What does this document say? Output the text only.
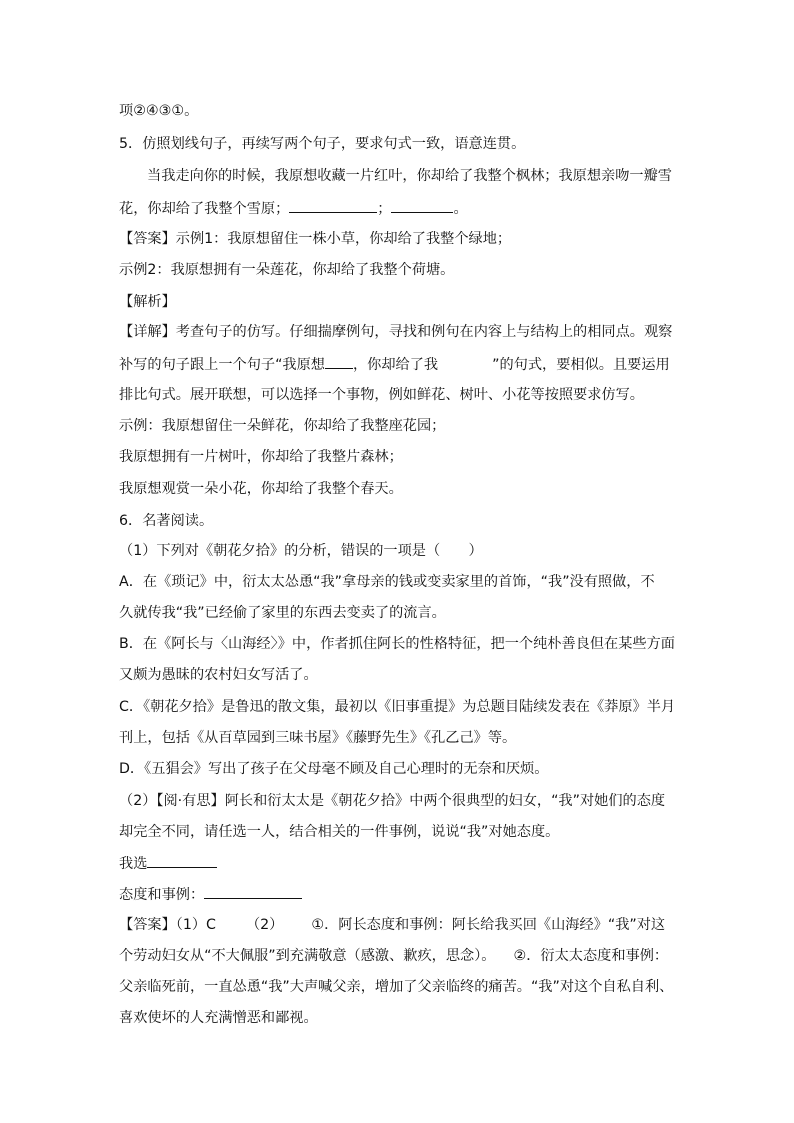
项②④③①。
5．仿照划线句子，再续写两个句子，要求句式一致，语意连贯。
当我走向你的时候，我原想收藏一片红叶，你却给了我整个枫林；我原想亲吻一瓣雪
花，你却给了我整个雪原；	；	。
【答案】示例1：我原想留住一株小草，你却给了我整个绿地；
示例2：我原想拥有一朵莲花，你却给了我整个荷塘。
【解析】
【详解】考查句子的仿写。仔细揣摩例句，寻找和例句在内容上与结构上的相同点。观察
补写的句子跟上一个句子“我原想 ，你却给了我	”的句式，要相似。且要运用
排比句式。展开联想，可以选择一个事物，例如鲜花、树叶、小花等按照要求仿写。
示例：我原想留住一朵鲜花，你却给了我整座花园；
我原想拥有一片树叶，你却给了我整片森林；
我原想观赏一朵小花，你却给了我整个春天。
6．名著阅读。
（1）下列对《朝花夕拾》的分析，错误的一项是（　　）
A．在《琐记》中，衍太太怂恿“我”拿母亲的钱或变卖家里的首饰，“我”没有照做，不
久就传我“我”已经偷了家里的东西去变卖了的流言。
B．在《阿长与〈山海经〉》中，作者抓住阿长的性格特征，把一个纯朴善良但在某些方面
又颇为愚昧的农村妇女写活了。
C．《朝花夕拾》是鲁迅的散文集，最初以《旧事重提》为总题目陆续发表在《莽原》半月
刊上，包括《从百草园到三味书屋》《藤野先生》《孔乙己》等。
D．《五猖会》写出了孩子在父母毫不顾及自己心理时的无奈和厌烦。
（2）【阅·有思】阿长和衍太太是《朝花夕拾》中两个很典型的妇女，“我”对她们的态度
却完全不同，请任选一人，结合相关的一件事例，说说“我”对她态度。
我选
态度和事例：
【答案】（1）C （2） ①．阿长态度和事例：阿长给我买回《山海经》“我”对这
个劳动妇女从“不大佩服”到充满敬意（感激、歉疚，思念）。 ②．衍太太态度和事例：
父亲临死前，一直怂恿“我”大声喊父亲，增加了父亲临终的痛苦。“我”对这个自私自利、
喜欢使坏的人充满憎恶和鄙视。
